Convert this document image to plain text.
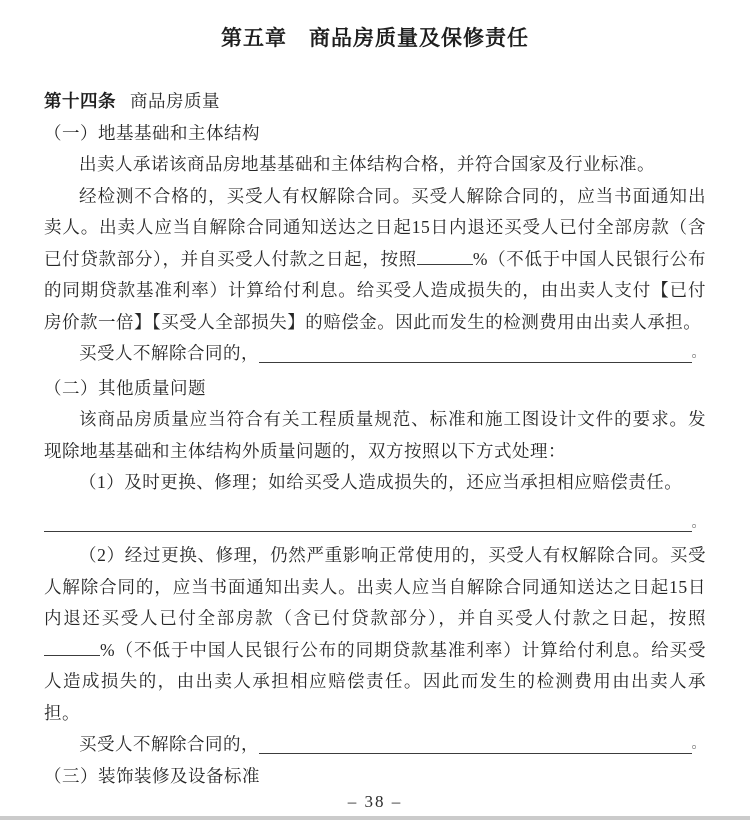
第五章　商品房质量及保修责任

第十四条 商品房质量

（一）地基基础和主体结构

出卖人承诺该商品房地基基础和主体结构合格，并符合国家及行业标准。

经检测不合格的，买受人有权解除合同。买受人解除合同的，应当书面通知出卖人。出卖人应当自解除合同通知送达之日起15日内退还买受人已付全部房款（含已付贷款部分），并自买受人付款之日起，按照	%（不低于中国人民银行公布的同期贷款基准利率）计算给付利息。给买受人造成损失的，由出卖人支付【已付房价款一倍】【买受人全部损失】的赔偿金。因此而发生的检测费用由出卖人承担。

买受人不解除合同的，	。

（二）其他质量问题

该商品房质量应当符合有关工程质量规范、标准和施工图设计文件的要求。发现除地基基础和主体结构外质量问题的，双方按照以下方式处理：

（1）及时更换、修理；如给买受人造成损失的，还应当承担相应赔偿责任。

。

（2）经过更换、修理，仍然严重影响正常使用的，买受人有权解除合同。买受人解除合同的，应当书面通知出卖人。出卖人应当自解除合同通知送达之日起15日内退还买受人已付全部房款（含已付贷款部分），并自买受人付款之日起，按照%（不低于中国人民银行公布的同期贷款基准利率）计算给付利息。给买受人造成损失的，由出卖人承担相应赔偿责任。因此而发生的检测费用由出卖人承担。

买受人不解除合同的，	。

（三）装饰装修及设备标准

– 38 –
